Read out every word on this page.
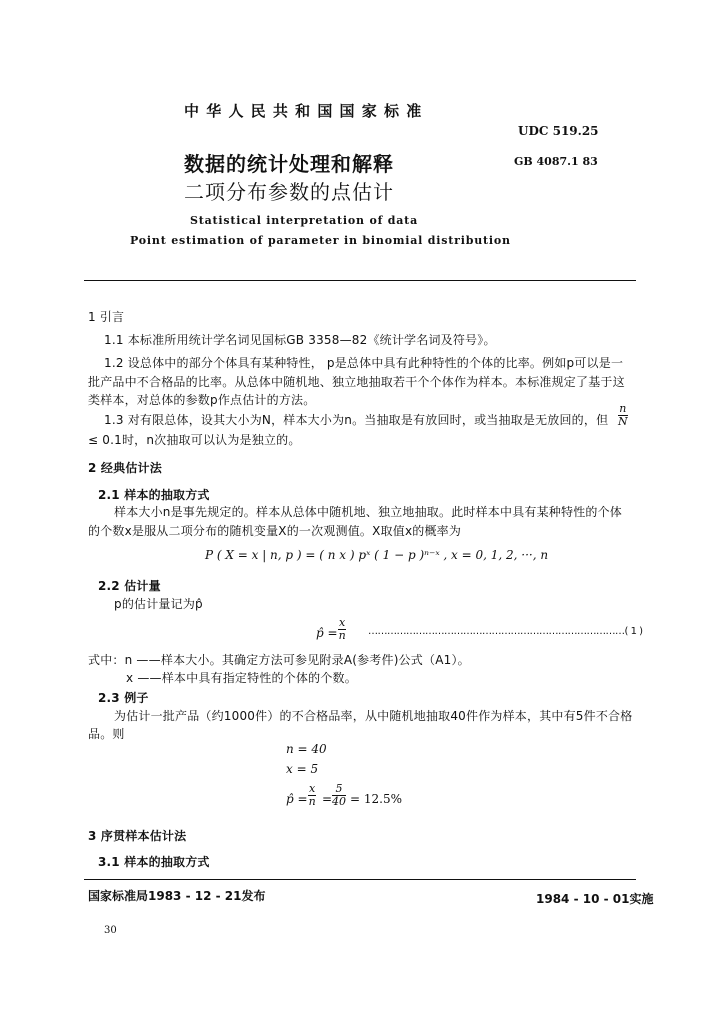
中 华 人 民 共 和 国 国 家 标 准
UDC 519.25
数据的统计处理和解释	GB 4087.1 83
二项分布参数的点估计
Statistical interpretation of data
Point estimation of parameter in binomial distribution
1 引言
1.1 本标准所用统计学名词见国标GB 3358—82《统计学名词及符号》。
1.2 设总体中的部分个体具有某种特性， p是总体中具有此种特性的个体的比率。例如p可以是一
批产品中不合格品的比率。从总体中随机地、独立地抽取若干个个体作为样本。本标准规定了基于这
类样本，对总体的参数p作点估计的方法。
1.3 对有限总体，设其大小为N，样本大小为n。当抽取是有放回时，或当抽取是无放回的，但 $\frac{n}{N}$
≤ 0.1时，n次抽取可以认为是独立的。
2 经典估计法
2.1 样本的抽取方式
样本大小n是事先规定的。样本从总体中随机地、独立地抽取。此时样本中具有某种特性的个体
的个数x是服从二项分布的随机变量X的一次观测值。X取值x的概率为
P ( X = x | n, p ) = ( n x ) pˣ ( 1 − p )ⁿ⁻ˣ , x = 0, 1, 2, ···, n
2.2 估计量
p的估计量记为p̂
p̂ = $\frac{x}{n}$ ………………………………………………………………………( 1 )
式中：n ——样本大小。其确定方法可参见附录A(参考件)公式（A1）。
x ——样本中具有指定特性的个体的个数。
2.3 例子
为估计一批产品（约1000件）的不合格品率，从中随机地抽取40件作为样本，其中有5件不合格
品。则
n = 40
x = 5
p̂ = $\frac{x}{n} = \frac{5}{40} = 12.5\%$
3 序贯样本估计法
3.1 样本的抽取方式
国家标准局1983 - 12 - 21发布	1984 - 10 - 01实施
30
